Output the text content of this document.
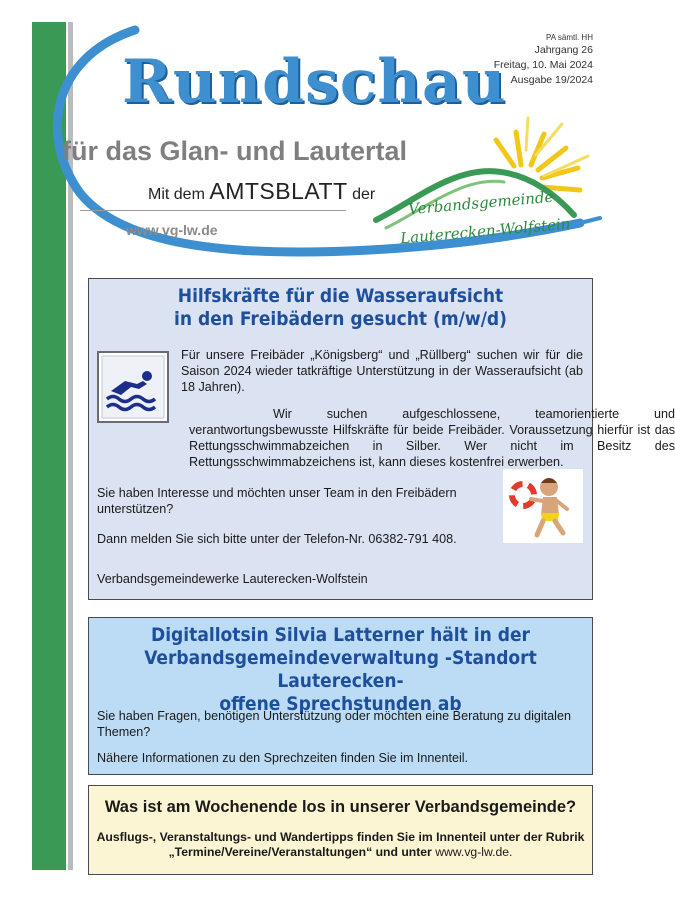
Rundschau
für das Glan- und Lautertal
Mit dem AMTSBLATT der
www.vg-lw.de
PA sämtl. HH
Jahrgang 26
Freitag, 10. Mai 2024
Ausgabe 19/2024
Verbandsgemeinde
Lauterecken-Wolfstein
Hilfskräfte für die Wasseraufsicht
in den Freibädern gesucht (m/w/d)
Für unsere Freibäder „Königsberg“ und „Rüllberg“ suchen wir für die Saison 2024 wieder tatkräftige Unterstützung in der Wasseraufsicht (ab 18 Jahren).
Wir suchen aufgeschlossene, teamorientierte und verantwortungsbewusste Hilfskräfte für beide Freibäder. Voraussetzung hierfür ist das Rettungsschwimmabzeichen in Silber. Wer nicht im Besitz des Rettungsschwimmabzeichens ist, kann dieses kostenfrei erwerben.
Sie haben Interesse und möchten unser Team in den Freibädern unterstützen?
Dann melden Sie sich bitte unter der Telefon-Nr. 06382-791 408.
Verbandsgemeindewerke Lauterecken-Wolfstein
Digitallotsin Silvia Latterner hält in der
Verbandsgemeindeverwaltung -Standort Lauterecken-
offene Sprechstunden ab
Sie haben Fragen, benötigen Unterstützung oder möchten eine Beratung zu digitalen Themen?
Nähere Informationen zu den Sprechzeiten finden Sie im Innenteil.
Was ist am Wochenende los in unserer Verbandsgemeinde?
Ausflugs-, Veranstaltungs- und Wandertipps finden Sie im Innenteil unter der Rubrik
„Termine/Vereine/Veranstaltungen“ und unter www.vg-lw.de.
